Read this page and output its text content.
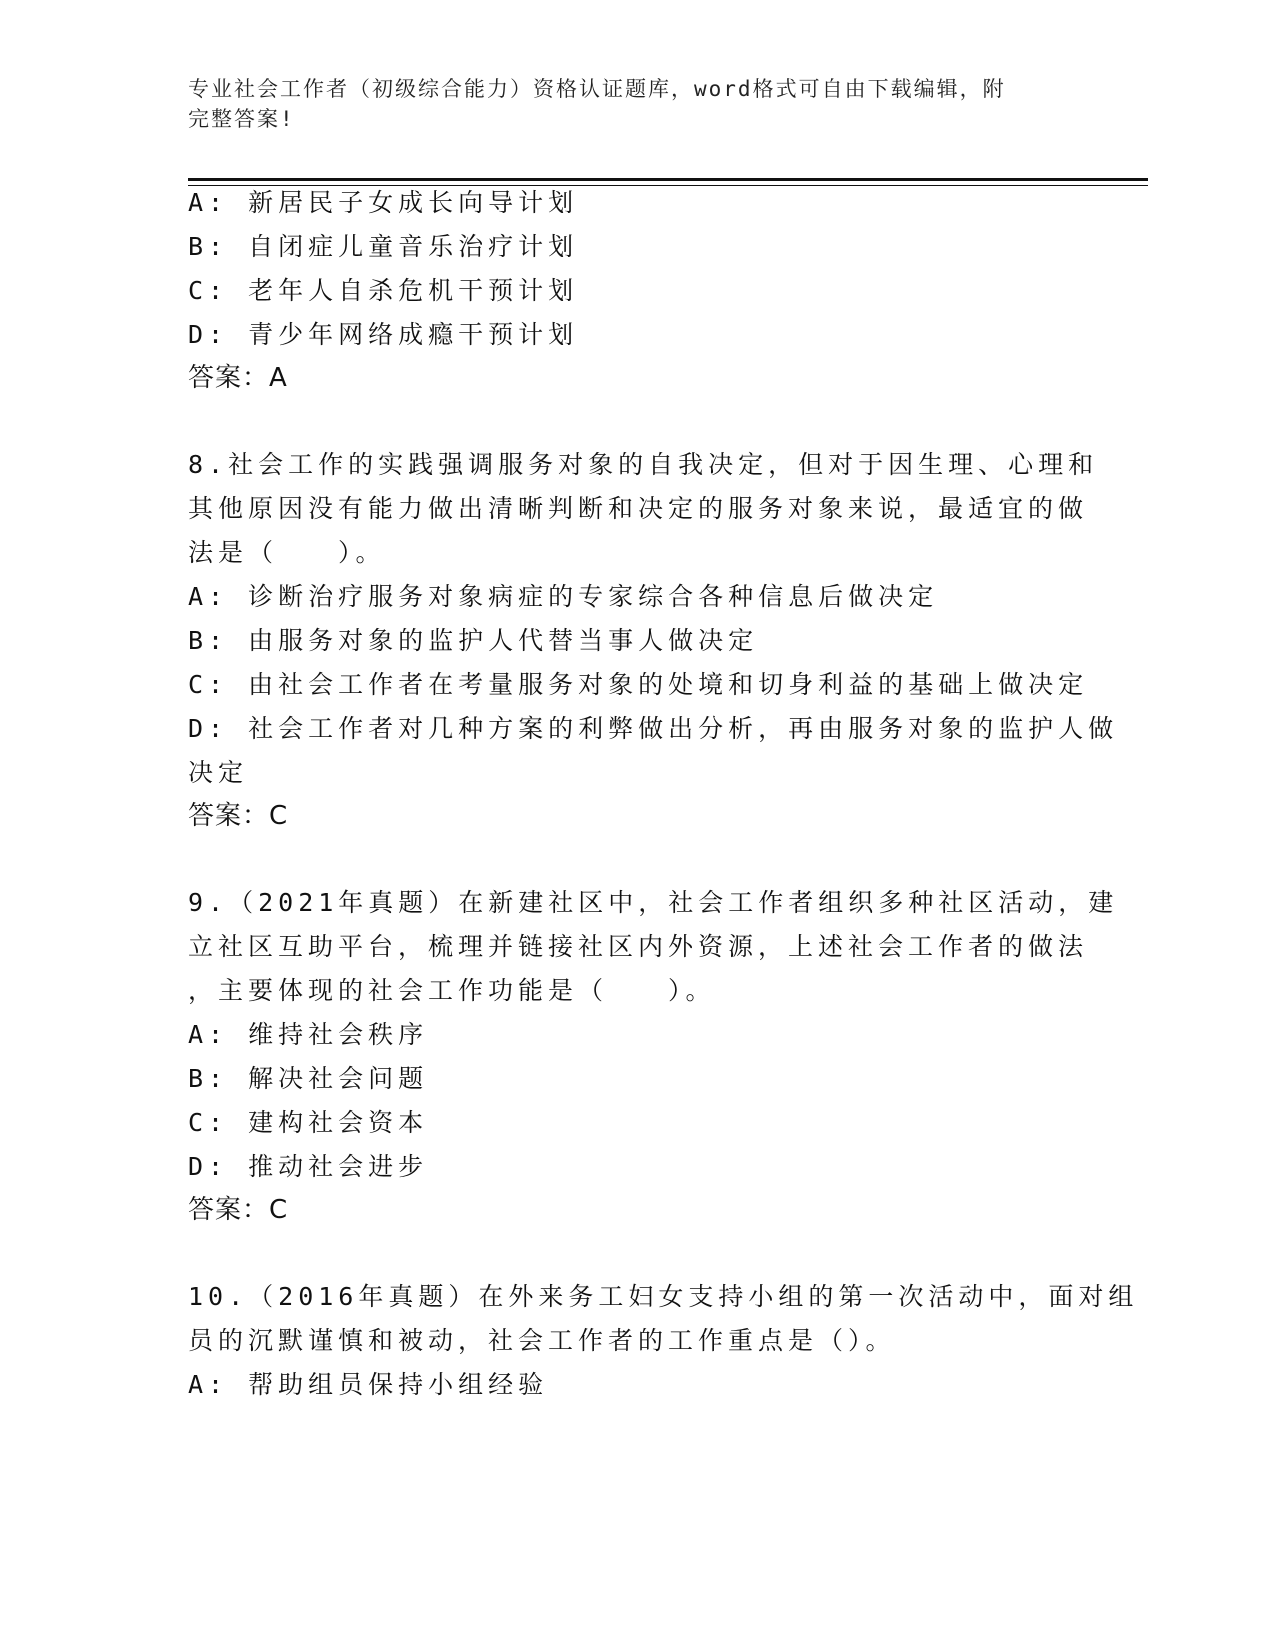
专业社会工作者（初级综合能力）资格认证题库，word格式可自由下载编辑，附
完整答案!
A: 新居民子女成长向导计划
B: 自闭症儿童音乐治疗计划
C: 老年人自杀危机干预计划
D: 青少年网络成瘾干预计划
答案：A
8.社会工作的实践强调服务对象的自我决定，但对于因生理、心理和
其他原因没有能力做出清晰判断和决定的服务对象来说，最适宜的做
法是（　　）。
A: 诊断治疗服务对象病症的专家综合各种信息后做决定
B: 由服务对象的监护人代替当事人做决定
C: 由社会工作者在考量服务对象的处境和切身利益的基础上做决定
D: 社会工作者对几种方案的利弊做出分析，再由服务对象的监护人做
决定
答案：C
9.（2021年真题）在新建社区中，社会工作者组织多种社区活动，建
立社区互助平台，梳理并链接社区内外资源，上述社会工作者的做法
，主要体现的社会工作功能是（　　）。
A: 维持社会秩序
B: 解决社会问题
C: 建构社会资本
D: 推动社会进步
答案：C
10.（2016年真题）在外来务工妇女支持小组的第一次活动中，面对组
员的沉默谨慎和被动，社会工作者的工作重点是（）。
A: 帮助组员保持小组经验
